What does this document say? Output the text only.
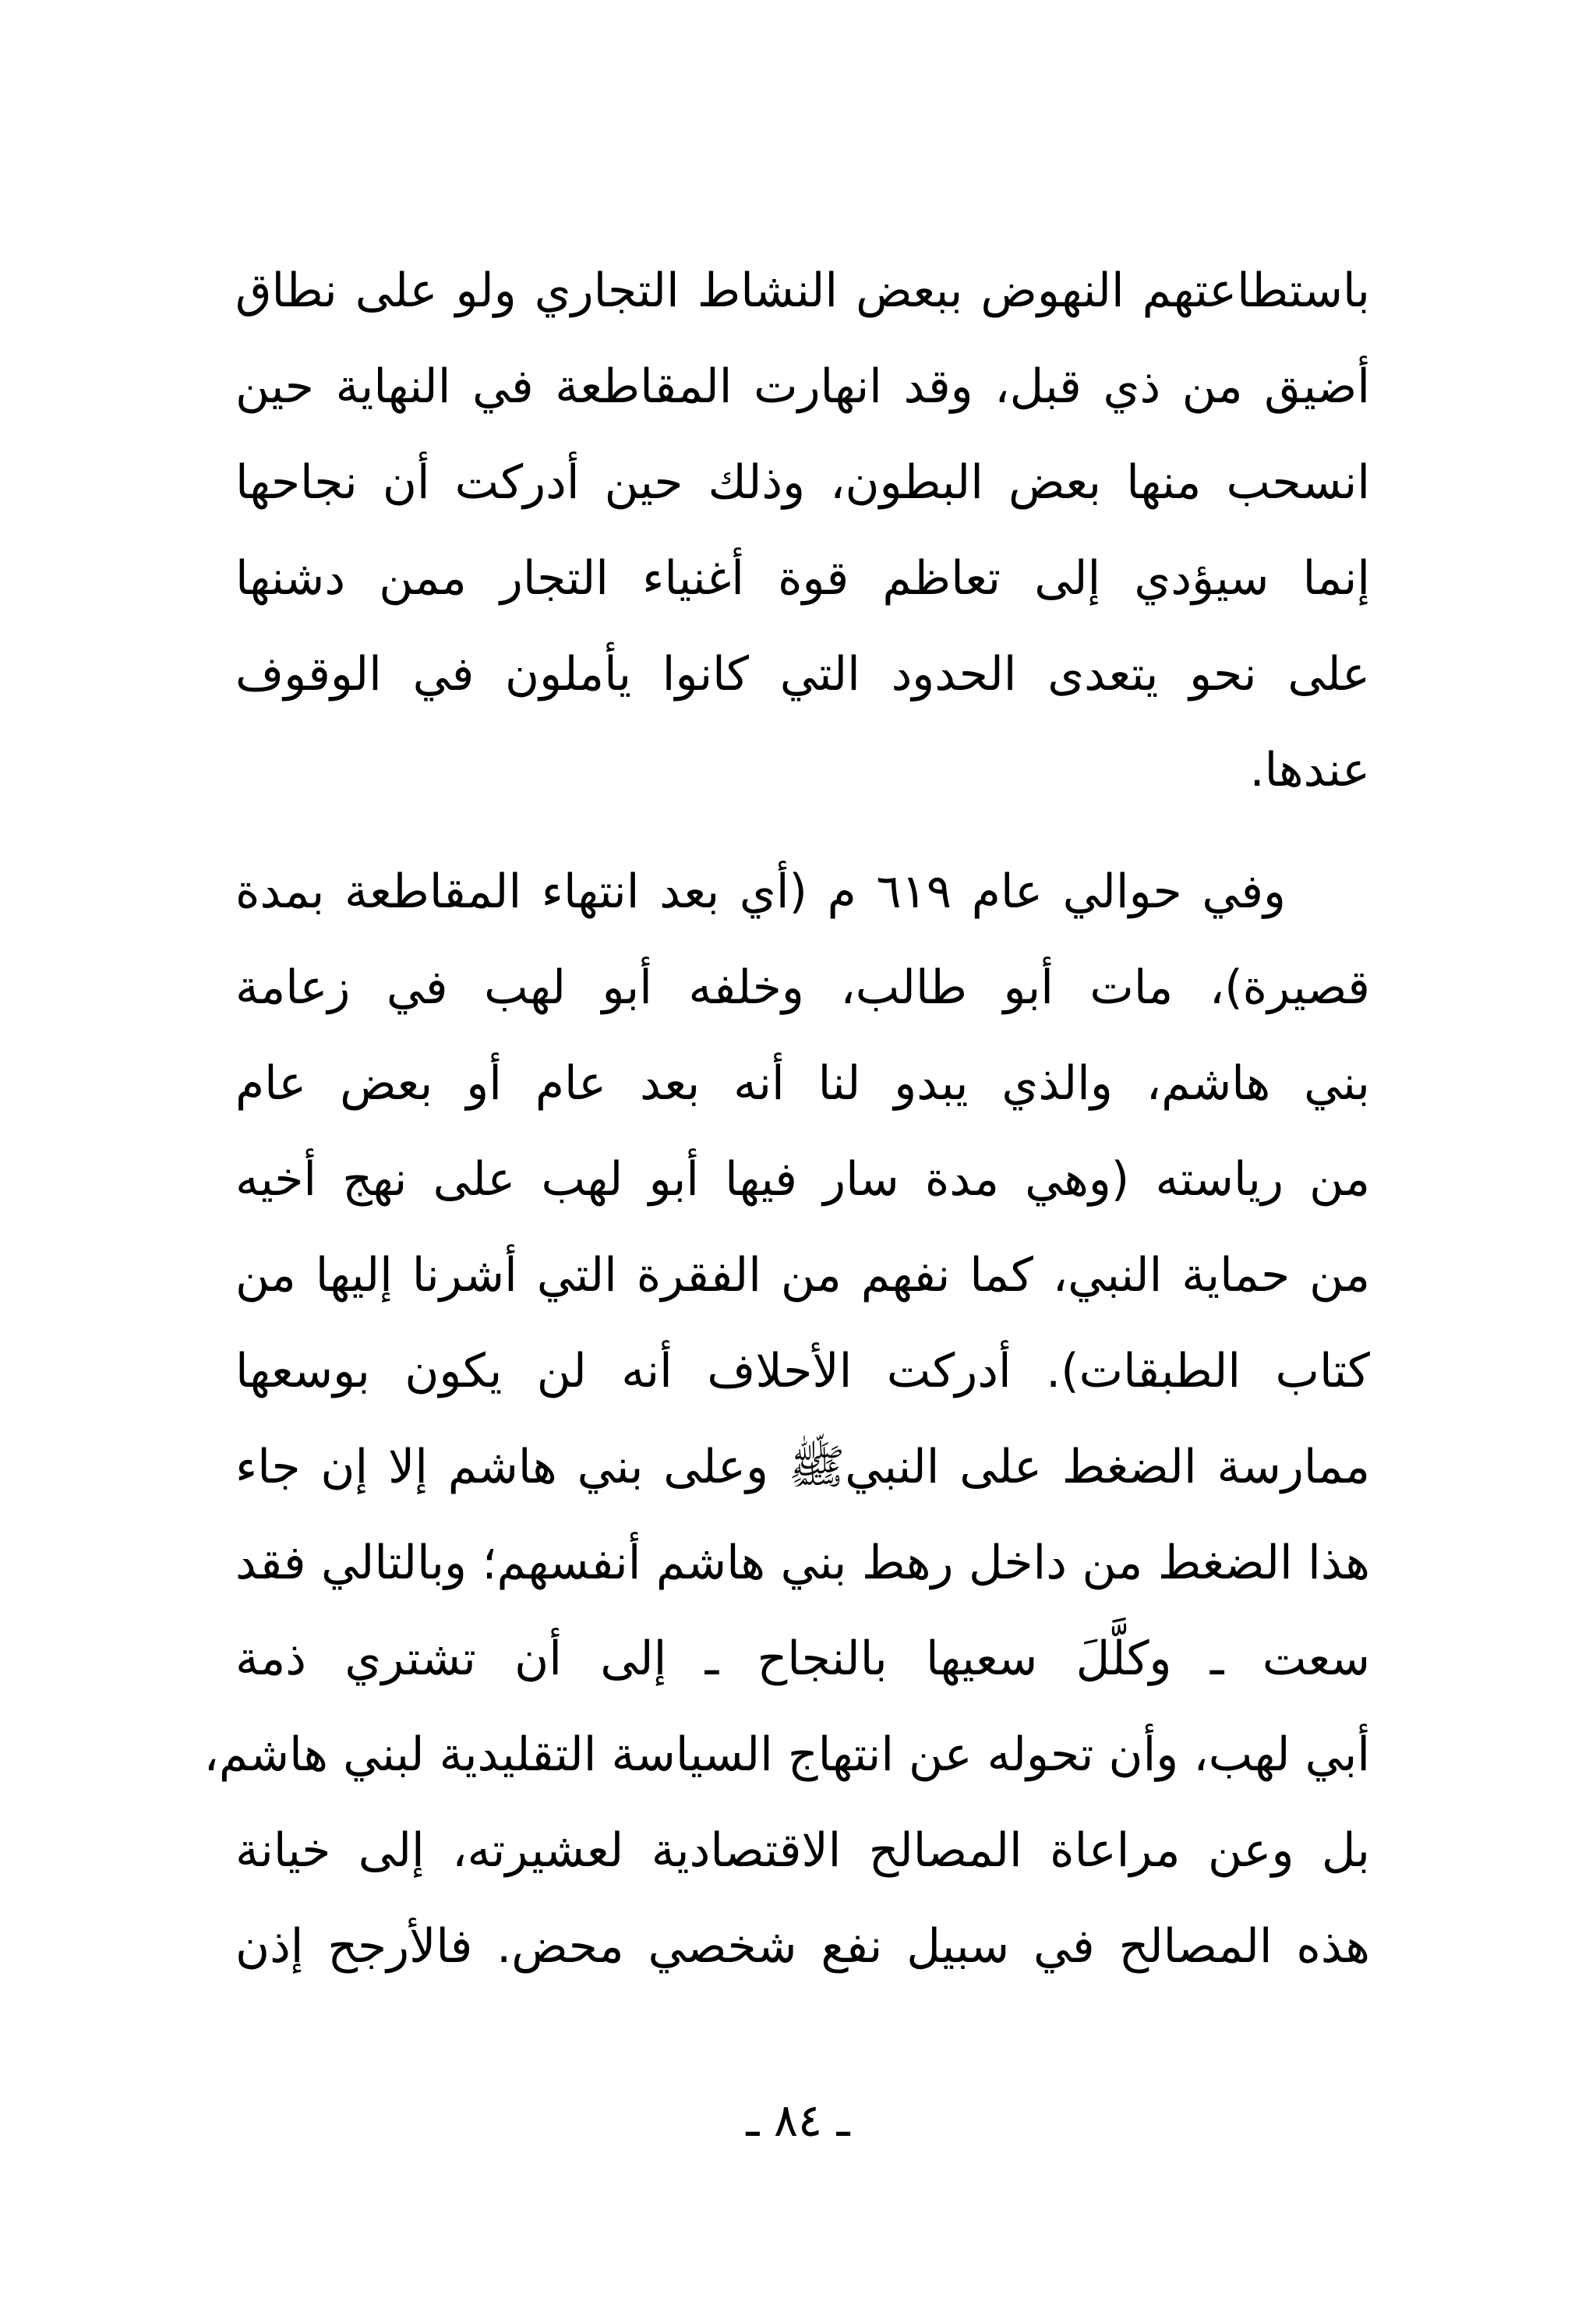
باستطاعتهم النهوض ببعض النشاط التجاري ولو على نطاق
أضيق من ذي قبل، وقد انهارت المقاطعة في النهاية حين
انسحب منها بعض البطون، وذلك حين أدركت أن نجاحها
إنما سيؤدي إلى تعاظم قوة أغنياء التجار ممن دشنها
على نحو يتعدى الحدود التي كانوا يأملون في الوقوف
عندها.
وفي حوالي عام ٦١٩ م (أي بعد انتهاء المقاطعة بمدة
قصيرة)، مات أبو طالب، وخلفه أبو لهب في زعامة
بني هاشم، والذي يبدو لنا أنه بعد عام أو بعض عام
من رياسته (وهي مدة سار فيها أبو لهب على نهج أخيه
من حماية النبي، كما نفهم من الفقرة التي أشرنا إليها من
كتاب الطبقات). أدركت الأحلاف أنه لن يكون بوسعها
ممارسة الضغط على النبيﷺ وعلى بني هاشم إلا إن جاء
هذا الضغط من داخل رهط بني هاشم أنفسهم؛ وبالتالي فقد
سعت ـ وكلَّلَ سعيها بالنجاح ـ إلى أن تشتري ذمة
أبي لهب، وأن تحوله عن انتهاج السياسة التقليدية لبني هاشم،
بل وعن مراعاة المصالح الاقتصادية لعشيرته، إلى خيانة
هذه المصالح في سبيل نفع شخصي محض. فالأرجح إذن
ـ ٨٤ ـ
